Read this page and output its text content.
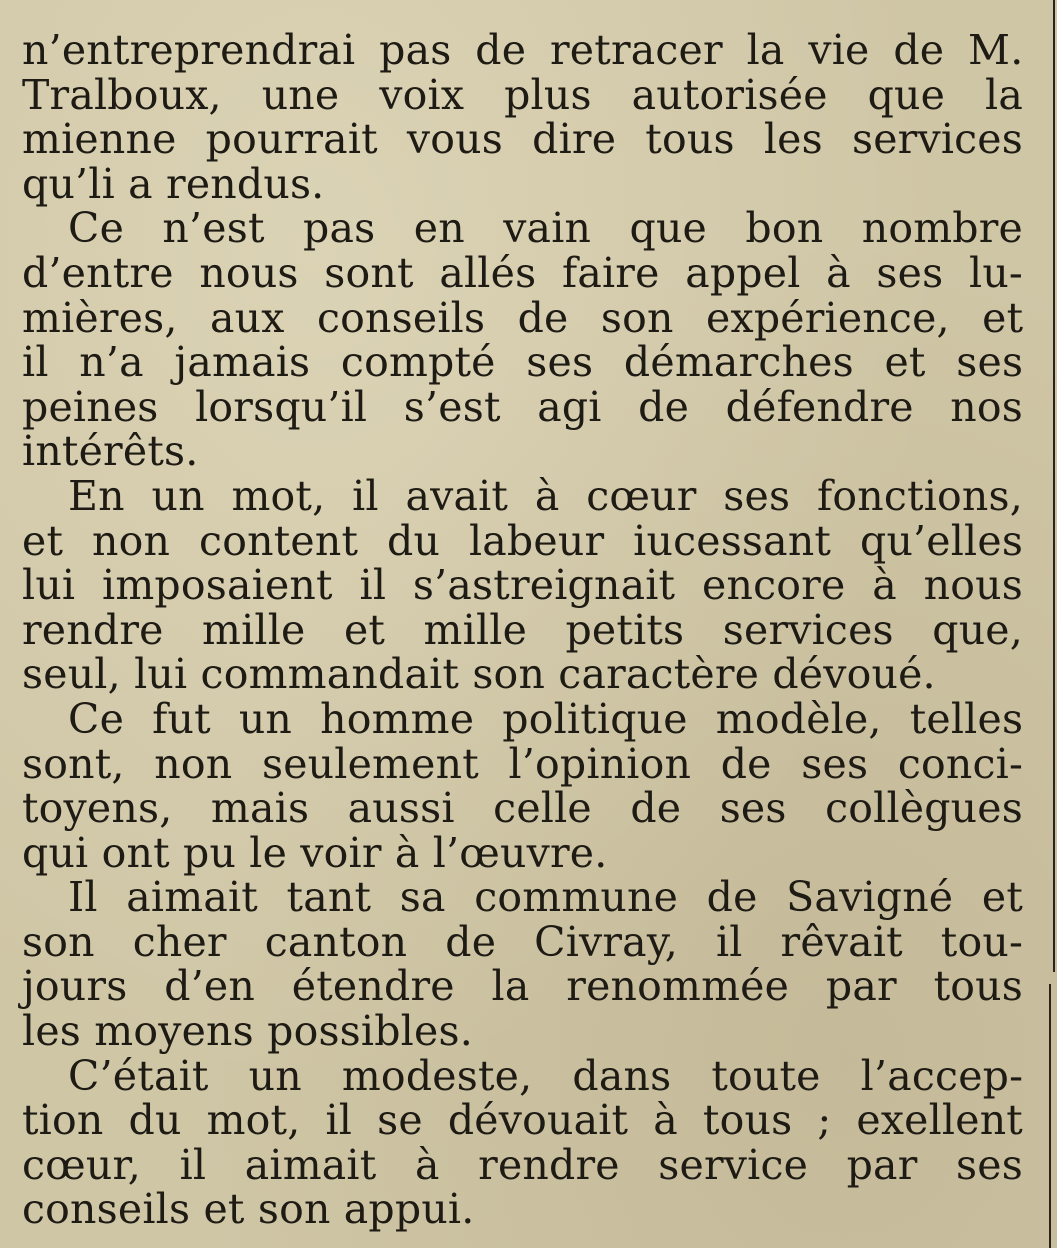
n’entreprendrai pas de retracer la vie de M.
Tralboux, une voix plus autorisée que la
mienne pourrait vous dire tous les services
qu’li a rendus.
Ce n’est pas en vain que bon nombre
d’entre nous sont allés faire appel à ses lu-
mières, aux conseils de son expérience, et
il n’a jamais compté ses démarches et ses
peines lorsqu’il s’est agi de défendre nos
intérêts.
En un mot, il avait à cœur ses fonctions,
et non content du labeur iucessant qu’elles
lui imposaient il s’astreignait encore à nous
rendre mille et mille petits services que,
seul, lui commandait son caractère dévoué.
Ce fut un homme politique modèle, telles
sont, non seulement l’opinion de ses conci-
toyens, mais aussi celle de ses collègues
qui ont pu le voir à l’œuvre.
Il aimait tant sa commune de Savigné et
son cher canton de Civray, il rêvait tou-
jours d’en étendre la renommée par tous
les moyens possibles.
C’était un modeste, dans toute l’accep-
tion du mot, il se dévouait à tous ; exellent
cœur, il aimait à rendre service par ses
conseils et son appui.
